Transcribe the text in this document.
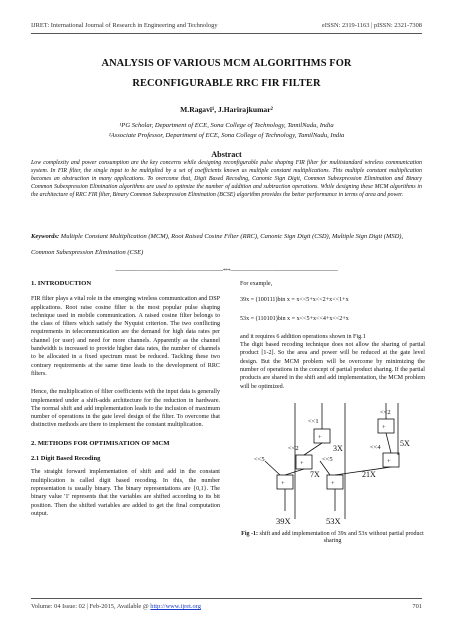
IJRET: International Journal of Research in Engineering and Technology	eISSN: 2319-1163 | pISSN: 2321-7308
ANALYSIS OF VARIOUS MCM ALGORITHMS FOR
RECONFIGURABLE RRC FIR FILTER
M.Ragavi¹, J.Harirajkumar²
¹PG Scholar, Department of ECE, Sona College of Technology, TamilNadu, India
²Associate Professor, Department of ECE, Sona College of Technology, TamilNadu, India
Abstract
Low complexity and power consumption are the key concerns while designing reconfigurable pulse shaping FIR filter for multistandard wireless communication system. In FIR filter, the single input to be multiplied by a set of coefficients known as multiple constant multiplications. This multiple constant multiplication becomes an obstruction in many applications. To overcome that, Digit Based Recoding, Canonic Sign Digit, Common Subexpression Elimination and Binary Common Subexpression Elimination algorithms are used to optimize the number of addition and subtraction operations. While designing these MCM algorithms in the architecture of RRC FIR filter, Binary Common Subexpression Elimination (BCSE) algorithm provides the better performance in terms of area and power.
Keywords: Multiple Constant Multiplication (MCM), Root Raised Cosine Filter (RRC), Canonic Sign Digit (CSD), Multiple Sign Digit (MSD), Common Subexpression Elimination (CSE)
------------------------------------------------------------------------***------------------------------------------------------------------------
1. INTRODUCTION
FIR filter plays a vital role in the emerging wireless communication and DSP applications. Root raise cosine filter is the most popular pulse shaping technique used in mobile communication. A raised cosine filter belongs to the class of filters which satisfy the Nyquist criterion. The two conflicting requirements in telecommunication are the demand for high data rates per channel (or user) and need for more channels. Apparently as the channel bandwidth is increased to provide higher data rates, the number of channels to be allocated in a fixed spectrum must be reduced. Tackling these two contrary requirements at the same time leads to the development of RRC filters.
Hence, the multiplication of filter coefficients with the input data is generally implemented under a shift-adds architecture for the reduction in hardware. The normal shift and add implementation leads to the inclusion of maximum number of operations in the gate level design of the filter. To overcome that distinctive methods are there to implement the constant multiplication.
2. METHODS FOR OPTIMISATION OF MCM
2.1 Digit Based Recoding
The straight forward implementation of shift and add in the constant multiplication is called digit based recoding. In this, the number representation is usually binary. The binary representations are {0,1}. The binary value '1' represents that the variables are shifted according to its bit position. Then the shifted variables are added to get the final computation output.
For example,
39x = (100111)bin x = x<<5+x<<2+x<<1+x
53x = (110101)bin x = x<<5+x<<4+x<<2+x
and it requires 6 addition operations shown in Fig.1
The digit based recoding technique does not allow the sharing of partial product [1-2]. So the area and power will be reduced at the gate level design. But the MCM problem will be overcome by minimizing the number of operations in the concept of partial product sharing. If the partial products are shared in the shift and add implementation, the MCM problem will be optimized.
<<1
+
3X
<<2
+
7X
<<2
+
5X
<<4
+
21X
<<5	<<5
+	+
39X	53X
Fig -1: shift and add implementation of 39x and 53x without partial product sharing
Volume: 04 Issue: 02 | Feb-2015, Available @ http://www.ijret.org	701
